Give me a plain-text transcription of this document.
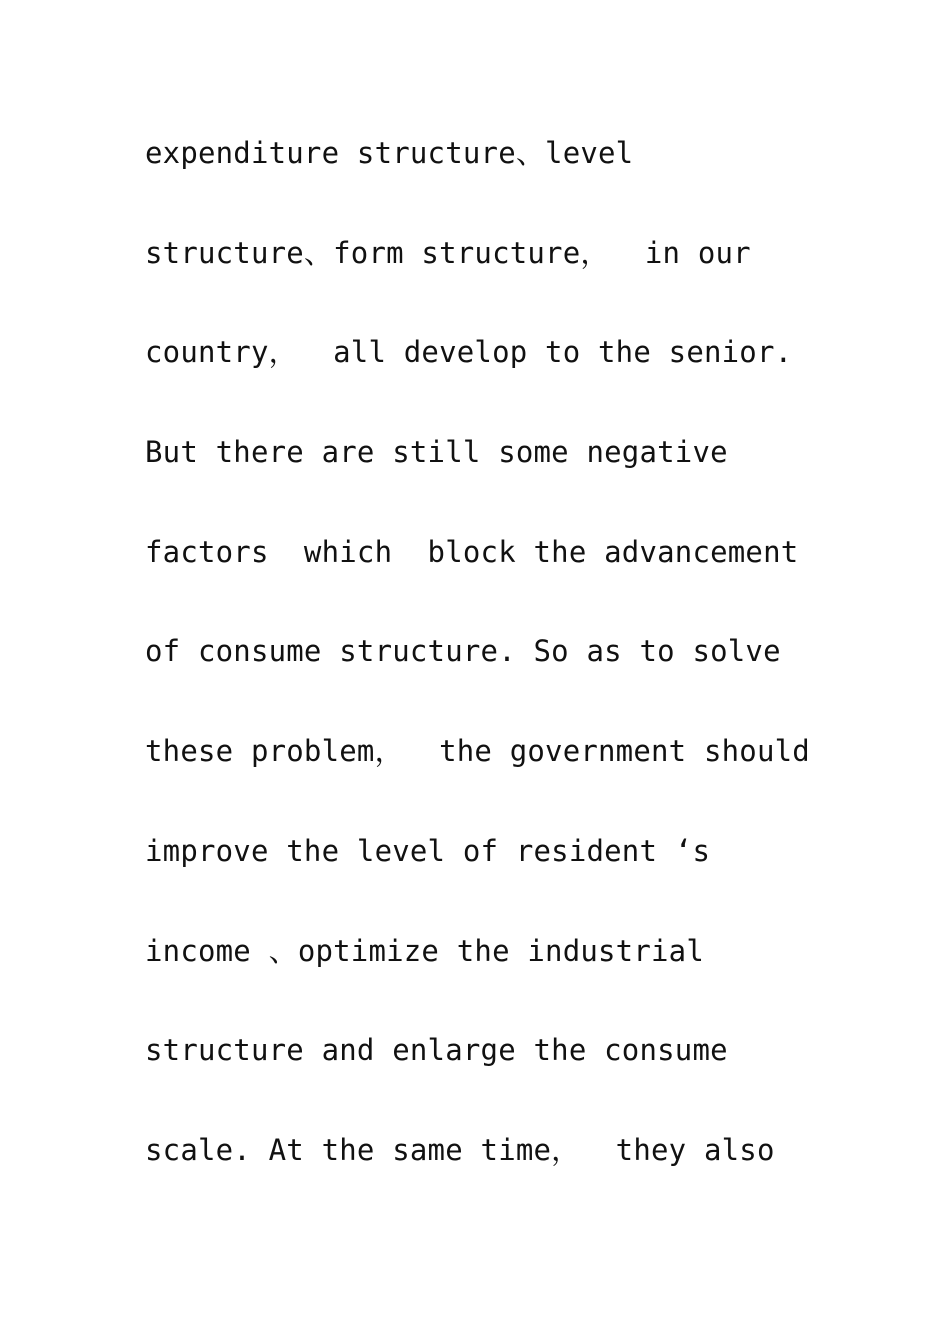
expenditure structure、level
structure、form structure，  in our
country，  all develop to the senior.
But there are still some negative
factors  which  block the advancement
of consume structure. So as to solve
these problem，  the government should
improve the level of resident ‘s
income 、optimize the industrial
structure and enlarge the consume
scale. At the same time，  they also
